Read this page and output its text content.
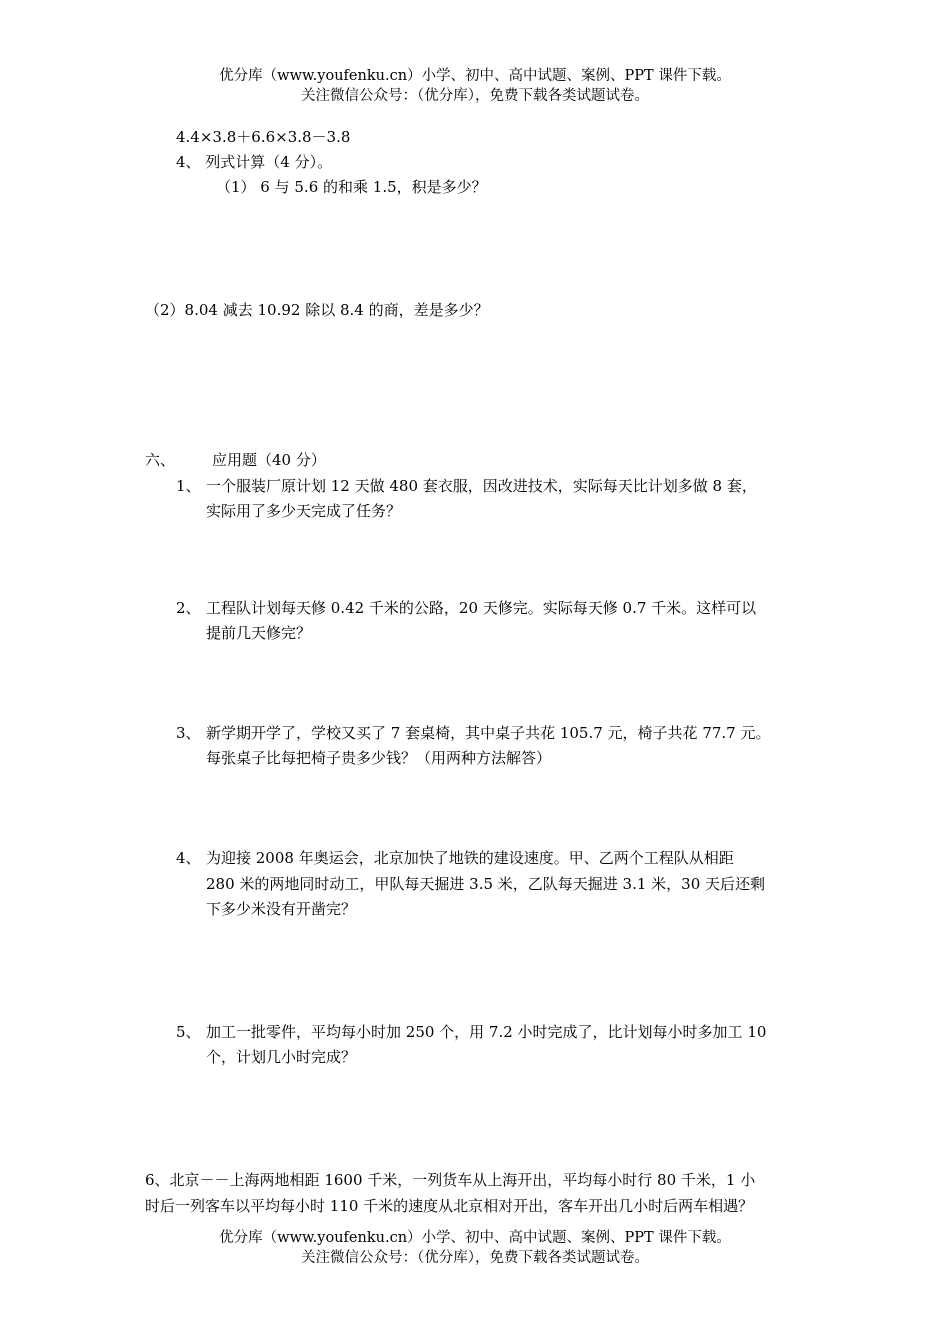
优分库（www.youfenku.cn）小学、初中、高中试题、案例、PPT 课件下载。
关注微信公众号：（优分库），免费下载各类试题试卷。
4.4×3.8＋6.6×3.8－3.8
4、 列式计算（4 分）。
（1） 6 与 5.6 的和乘 1.5，积是多少？
（2）8.04 减去 10.92 除以 8.4 的商，差是多少？
六、 应用题（40 分）
1、 一个服装厂原计划 12 天做 480 套衣服，因改进技术，实际每天比计划多做 8 套，
实际用了多少天完成了任务？
2、 工程队计划每天修 0.42 千米的公路，20 天修完。实际每天修 0.7 千米。这样可以
提前几天修完？
3、 新学期开学了，学校又买了 7 套桌椅，其中桌子共花 105.7 元，椅子共花 77.7 元。
每张桌子比每把椅子贵多少钱？（用两种方法解答）
4、 为迎接 2008 年奥运会，北京加快了地铁的建设速度。甲、乙两个工程队从相距
280 米的两地同时动工，甲队每天掘进 3.5 米，乙队每天掘进 3.1 米，30 天后还剩
下多少米没有开凿完？
5、 加工一批零件，平均每小时加 250 个，用 7.2 小时完成了，比计划每小时多加工 10
个，计划几小时完成？
6、北京－－上海两地相距 1600 千米，一列货车从上海开出，平均每小时行 80 千米，1 小
时后一列客车以平均每小时 110 千米的速度从北京相对开出，客车开出几小时后两车相遇？
优分库（www.youfenku.cn）小学、初中、高中试题、案例、PPT 课件下载。
关注微信公众号：（优分库），免费下载各类试题试卷。
